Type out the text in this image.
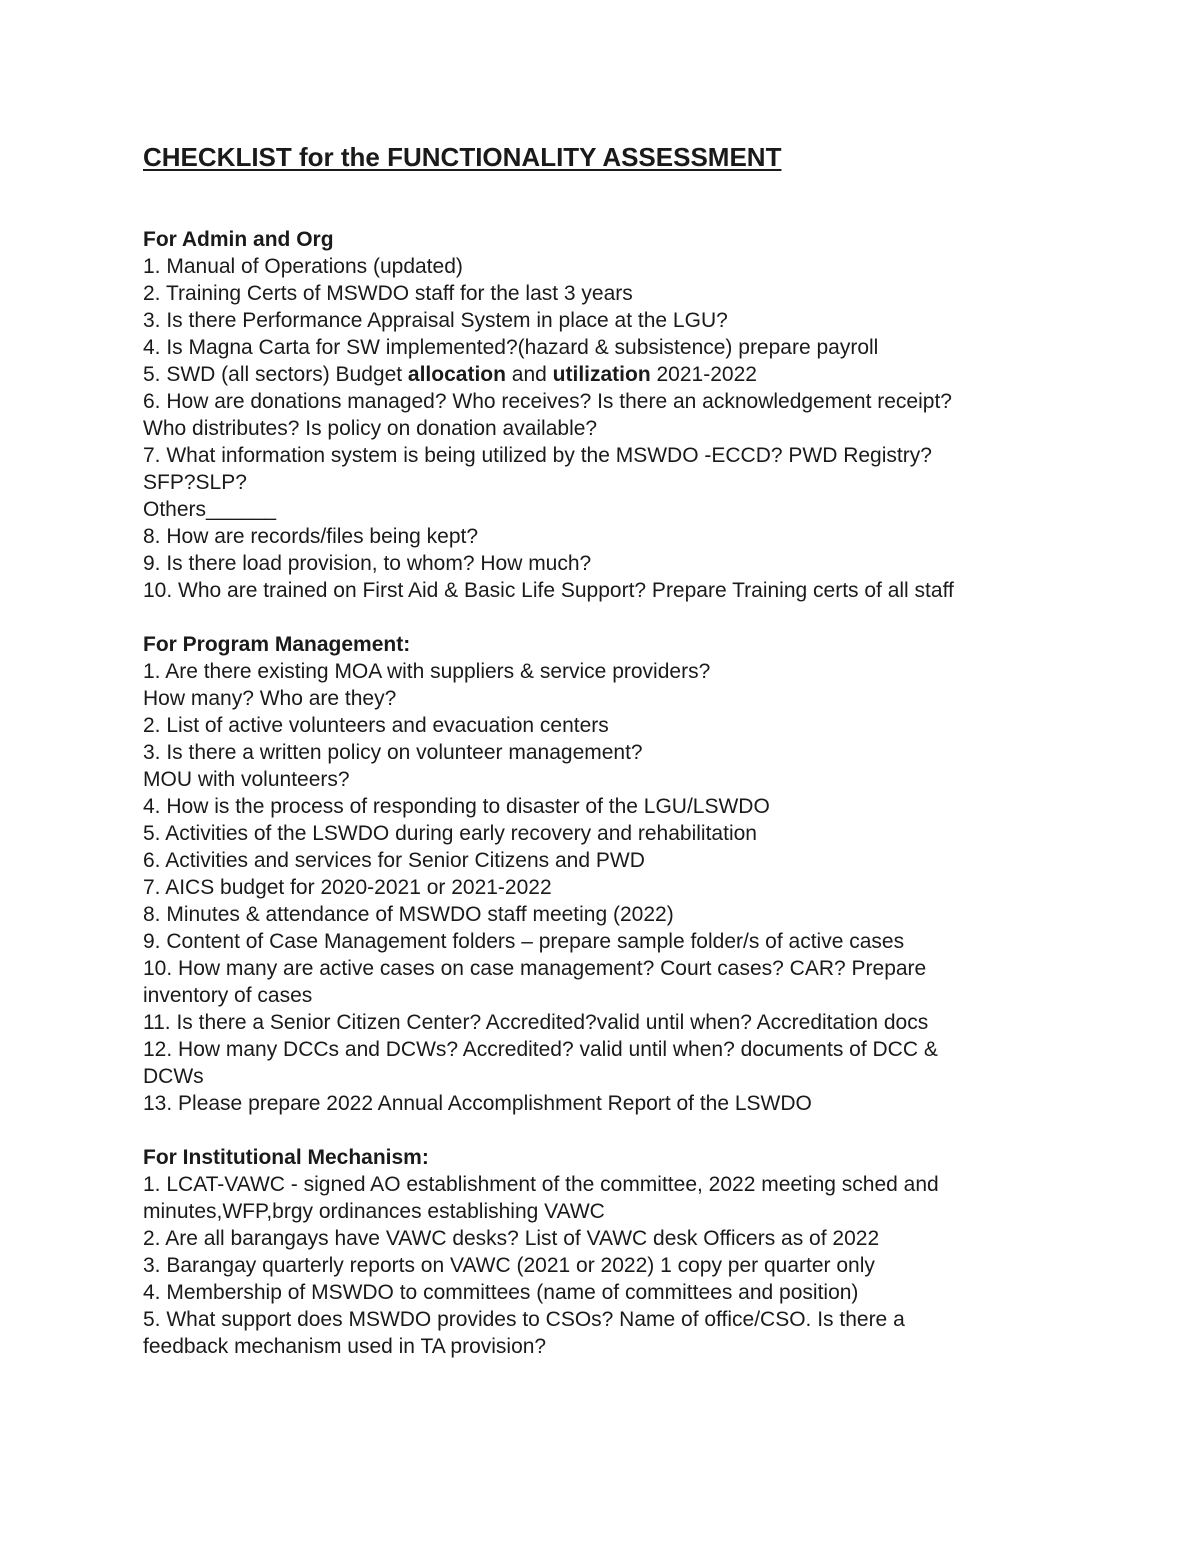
CHECKLIST for the FUNCTIONALITY ASSESSMENT
For Admin and Org
1. Manual of Operations (updated)
2. Training Certs of MSWDO staff for the last 3 years
3. Is there Performance Appraisal System in place at the LGU?
4. Is Magna Carta for SW implemented?(hazard & subsistence) prepare payroll
5. SWD (all sectors) Budget allocation and utilization 2021-2022
6. How are donations managed? Who receives? Is there an acknowledgement receipt?
Who distributes? Is policy on donation available?
7. What information system is being utilized by the MSWDO -ECCD? PWD Registry?
SFP?SLP?
Others______
8. How are records/files being kept?
9. Is there load provision, to whom? How much?
10. Who are trained on First Aid & Basic Life Support? Prepare Training certs of all staff
For Program Management:
1. Are there existing MOA with suppliers & service providers?
How many? Who are they?
2. List of active volunteers and evacuation centers
3. Is there a written policy on volunteer management?
MOU with volunteers?
4. How is the process of responding to disaster of the LGU/LSWDO
5. Activities of the LSWDO during early recovery and rehabilitation
6. Activities and services for Senior Citizens and PWD
7. AICS budget for 2020-2021 or 2021-2022
8. Minutes & attendance of MSWDO staff meeting (2022)
9. Content of Case Management folders – prepare sample folder/s of active cases
10. How many are active cases on case management? Court cases? CAR? Prepare
inventory of cases
11. Is there a Senior Citizen Center? Accredited?valid until when? Accreditation docs
12. How many DCCs and DCWs? Accredited? valid until when? documents of DCC &
DCWs
13. Please prepare 2022 Annual Accomplishment Report of the LSWDO
For Institutional Mechanism:
1. LCAT-VAWC - signed AO establishment of the committee, 2022 meeting sched and
minutes,WFP,brgy ordinances establishing VAWC
2. Are all barangays have VAWC desks? List of VAWC desk Officers as of 2022
3. Barangay quarterly reports on VAWC (2021 or 2022) 1 copy per quarter only
4. Membership of MSWDO to committees (name of committees and position)
5. What support does MSWDO provides to CSOs? Name of office/CSO. Is there a
feedback mechanism used in TA provision?
